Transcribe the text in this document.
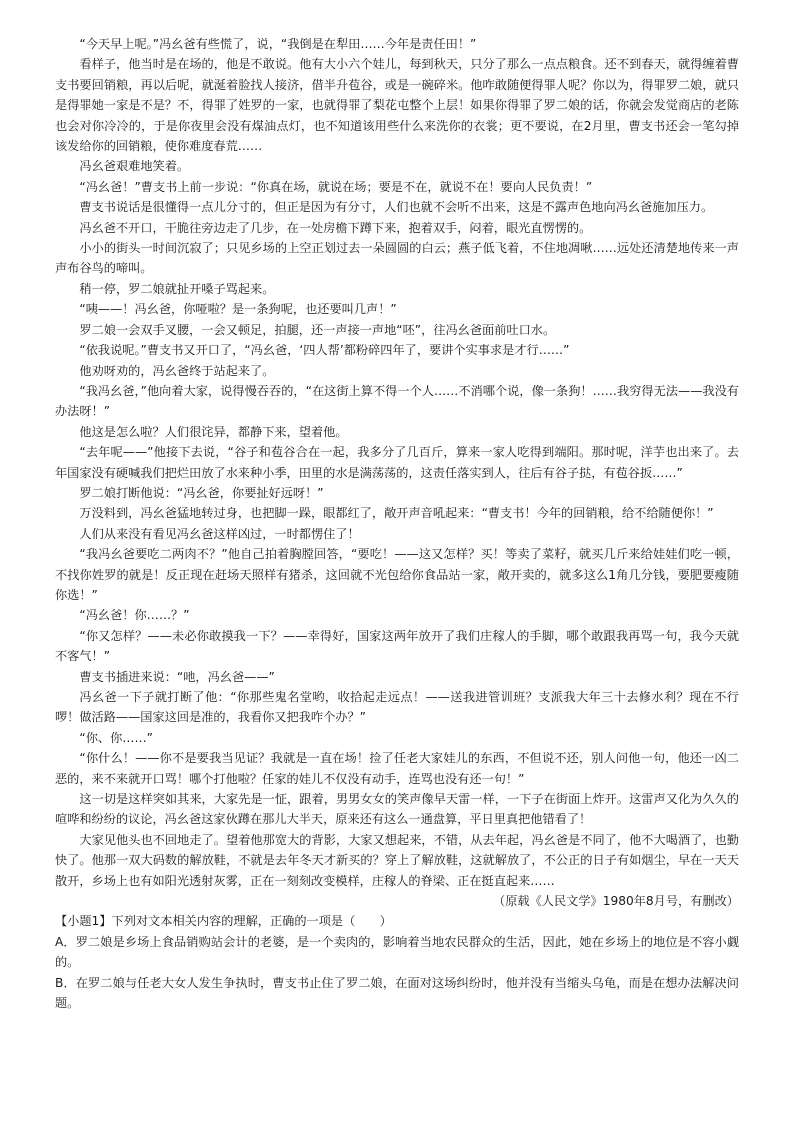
“今天早上呢。”冯幺爸有些慌了，说，“我倒是在犁田……今年是责任田！”

看样子，他当时是在场的，他是不敢说。他有大小六个娃儿，每到秋天，只分了那么一点点粮食。还不到春天，就得缠着曹支书要回销粮，再以后呢，就涎着脸找人接济，借半升苞谷，或是一碗碎米。他咋敢随便得罪人呢？你以为，得罪罗二娘，就只是得罪她一家是不是？不，得罪了姓罗的一家，也就得罪了梨花屯整个上层！如果你得罪了罗二娘的话，你就会发觉商店的老陈也会对你冷冷的，于是你夜里会没有煤油点灯，也不知道该用些什么来洗你的衣裳；更不要说，在2月里，曹支书还会一笔勾掉该发给你的回销粮，使你难度春荒……

冯幺爸艰难地笑着。

“冯幺爸！”曹支书上前一步说：“你真在场，就说在场；要是不在，就说不在！要向人民负责！”

曹支书说话是很懂得一点儿分寸的，但正是因为有分寸，人们也就不会听不出来，这是不露声色地向冯幺爸施加压力。

冯幺爸不开口，干脆往旁边走了几步，在一处房檐下蹲下来，抱着双手，闷着，眼光直愣愣的。

小小的街头一时间沉寂了；只见乡场的上空正划过去一朵圆圆的白云；燕子低飞着，不住地凋啾……远处还清楚地传来一声声布谷鸟的啼叫。

稍一停，罗二娘就扯开嗓子骂起来。

“咦——！冯幺爸，你哑啦？是一条狗呢，也还要叫几声！”

罗二娘一会双手叉腰，一会又顿足，拍腿，还一声接一声地“呸”，往冯幺爸面前吐口水。

“依我说呢。”曹支书又开口了，“冯幺爸，‘四人帮’都粉碎四年了，要讲个实事求是才行……”

他劝呀劝的，冯幺爸终于站起来了。

“我冯幺爸，”他向着大家，说得慢吞吞的，“在这街上算不得一个人……不消哪个说，像一条狗！……我穷得无法——我没有办法呀！”

他这是怎么啦？人们很诧异，都静下来，望着他。

“去年呢——”他接下去说，“谷子和苞谷合在一起，我多分了几百斤，算来一家人吃得到端阳。那时呢，洋芋也出来了。去年国家没有硬喊我们把烂田放了水来种小季，田里的水是满荡荡的，这责任落实到人，往后有谷子挞，有苞谷扳……”

罗二娘打断他说：“冯幺爸，你要扯好远呀！”

万没料到，冯幺爸猛地转过身，也把脚一跺，眼都红了，敞开声音吼起来：“曹支书！今年的回销粮，给不给随便你！”

人们从来没有看见冯幺爸这样凶过，一时都愣住了！

“我冯幺爸要吃二两肉不？”他自己拍着胸膛回答，“要吃！——这又怎样？买！等卖了菜籽，就买几斤来给娃娃们吃一顿，不找你姓罗的就是！反正现在赶场天照样有猪杀，这回就不光包给你食品站一家，敞开卖的，就多这么1角几分钱，要肥要瘦随你选！”

“冯幺爸！你……？”

“你又怎样？——未必你敢摸我一下？——幸得好，国家这两年放开了我们庄稼人的手脚，哪个敢跟我再骂一句，我今天就不客气！”

曹支书插进来说：“吔，冯幺爸——”

冯幺爸一下子就打断了他：“你那些鬼名堂哟，收拾起走远点！——送我进管训班？支派我大年三十去修水利？现在不行啰！做活路——国家这回是准的，我看你又把我咋个办？”

“你、你……”

“你什么！——你不是要我当见证？我就是一直在场！捡了任老大家娃儿的东西，不但说不还，别人问他一句，他还一凶二恶的，来不来就开口骂！哪个打他啦？任家的娃儿不仅没有动手，连骂也没有还一句！”

这一切是这样突如其来，大家先是一怔，跟着，男男女女的笑声像早天雷一样，一下子在街面上炸开。这雷声又化为久久的喧哗和纷纷的议论，冯幺爸这家伙蹲在那儿大半天，原来还有这么一通盘算，平日里真把他错看了！

大家见他头也不回地走了。望着他那宽大的背影，大家又想起来，不错，从去年起，冯幺爸是不同了，他不大喝酒了，也勤快了。他那一双大码数的解放鞋，不就是去年冬天才新买的？穿上了解放鞋，这就解放了，不公正的日子有如烟尘，早在一天天散开，乡场上也有如阳光透射灰雾，正在一刻刻改变模样，庄稼人的脊梁、正在挺直起来……

（原载《人民文学》1980年8月号，有删改）

【小题1】下列对文本相关内容的理解，正确的一项是（　　）

A．罗二娘是乡场上食品销购站会计的老婆，是一个卖肉的，影响着当地农民群众的生活，因此，她在乡场上的地位是不容小觑的。

B．在罗二娘与任老大女人发生争执时，曹支书止住了罗二娘，在面对这场纠纷时，他并没有当缩头乌龟，而是在想办法解决问题。
